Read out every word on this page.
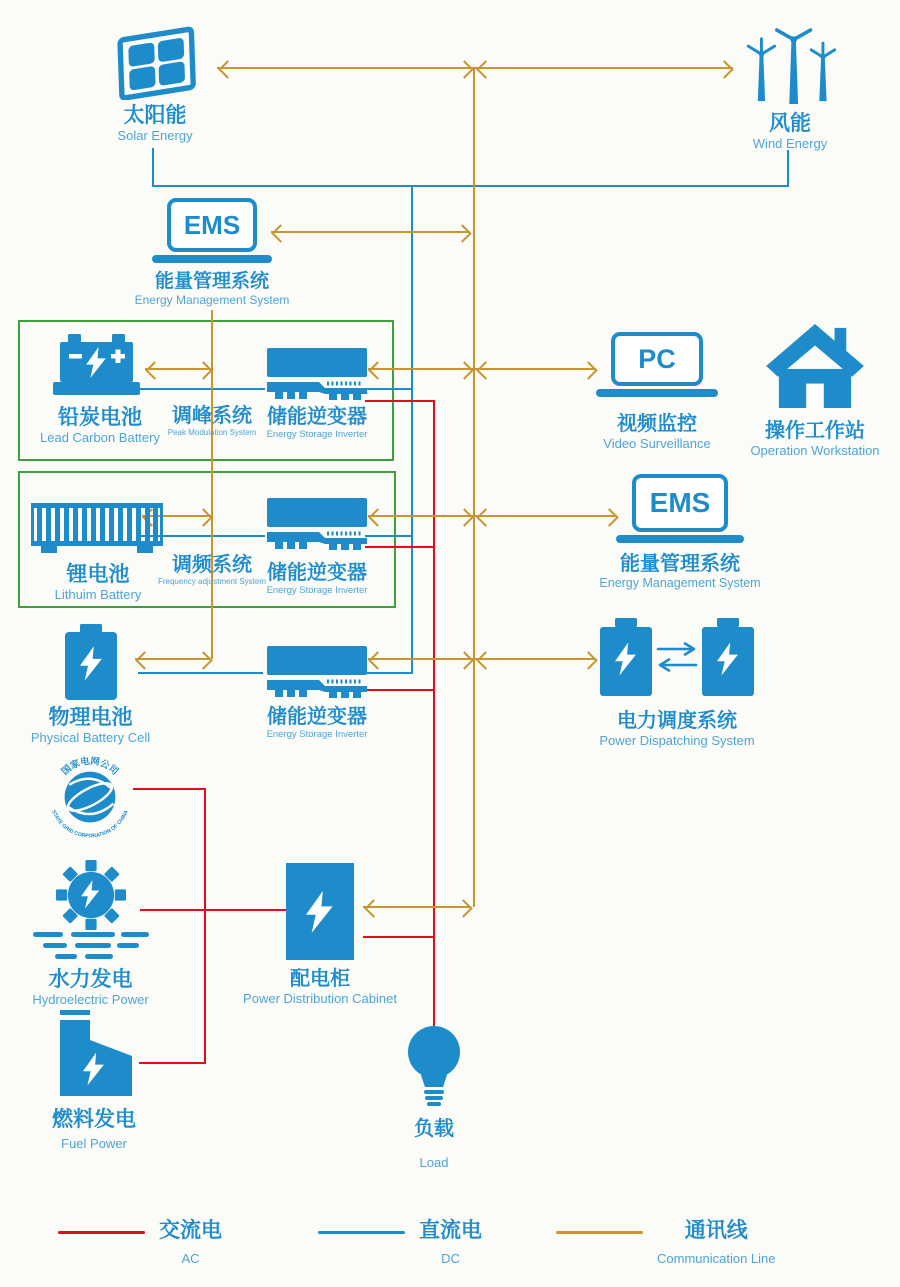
太阳能
Solar Energy
风能
Wind Energy
EMS
能量管理系统
Energy Management System
铅炭电池
Lead Carbon Battery
调峰系统
Peak Modulation System
储能逆变器
Energy Storage Inverter
锂电池
Lithuim Battery
调频系统
Frequency adjustment System 储能逆变器
Energy Storage Inverter
物理电池
Physical Battery Cell
储能逆变器
Energy Storage Inverter
PC
视频监控
Video Surveillance
操作工作站
Operation Workstation
EMS
能量管理系统
Energy Management System
电力调度系统
Power Dispatching System
国家电网公司
STATE GRID CORPORATION OF CHINA
水力发电
Hydroelectric Power
燃料发电
Fuel Power
配电柜
Power Distribution Cabinet
负载
Load
交流电
AC
直流电
DC
通讯线
Communication Line
